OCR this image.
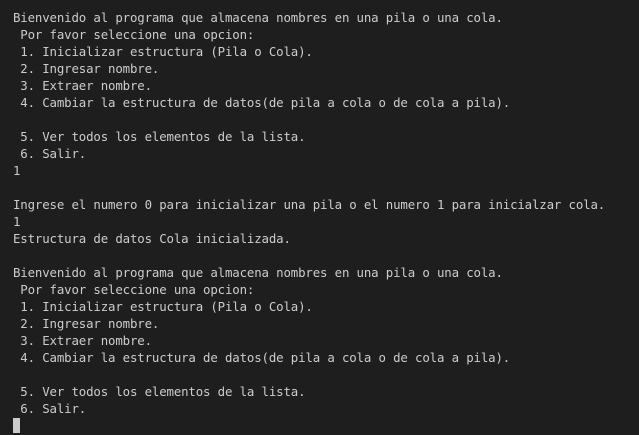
Bienvenido al programa que almacena nombres en una pila o una cola.
Por favor seleccione una opcion:
1. Inicializar estructura (Pila o Cola).
2. Ingresar nombre.
3. Extraer nombre.
4. Cambiar la estructura de datos(de pila a cola o de cola a pila).
5. Ver todos los elementos de la lista.
6. Salir.
1
Ingrese el numero 0 para inicializar una pila o el numero 1 para inicialzar cola.
1
Estructura de datos Cola inicializada.
Bienvenido al programa que almacena nombres en una pila o una cola.
Por favor seleccione una opcion:
1. Inicializar estructura (Pila o Cola).
2. Ingresar nombre.
3. Extraer nombre.
4. Cambiar la estructura de datos(de pila a cola o de cola a pila).
5. Ver todos los elementos de la lista.
6. Salir.
